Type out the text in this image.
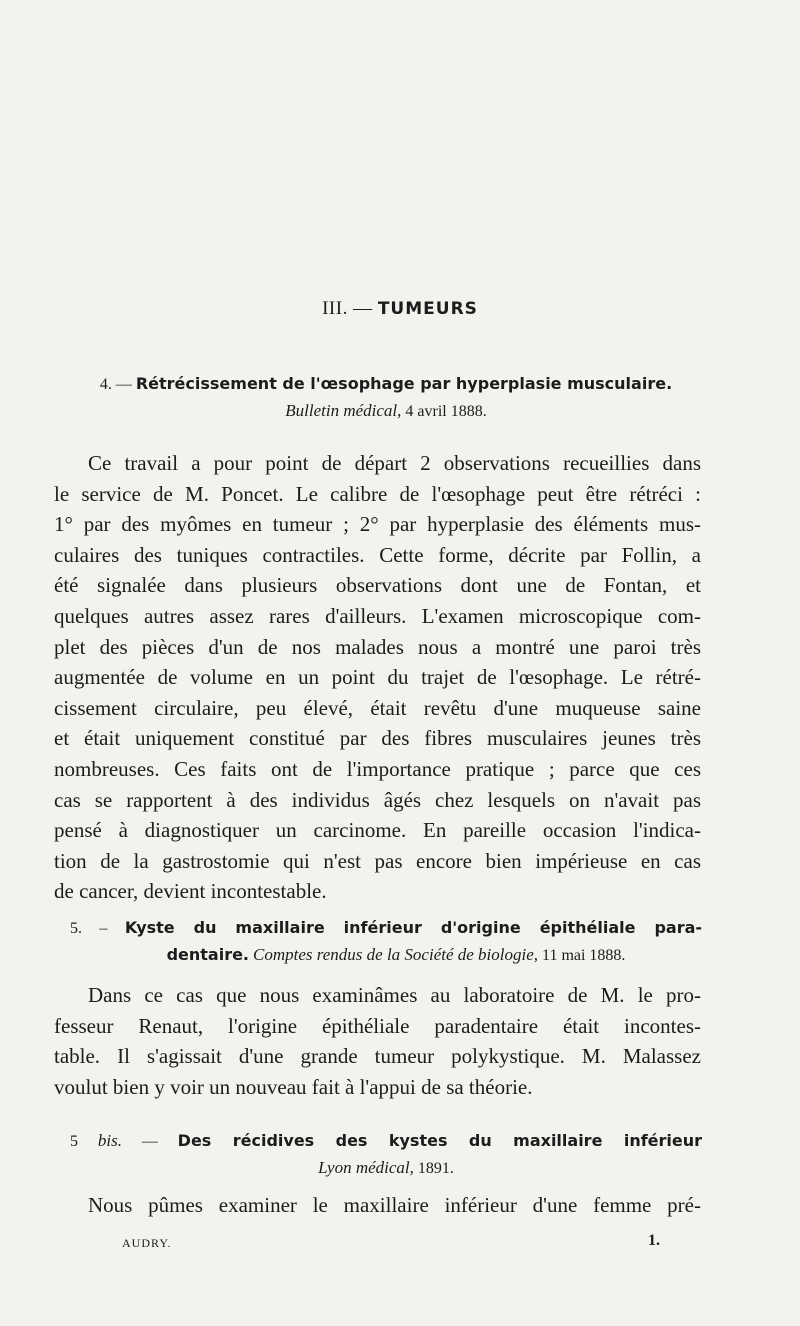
III. — TUMEURS
4. — Rétrécissement de l'œsophage par hyperplasie musculaire.
Bulletin médical, 4 avril 1888.
Ce travail a pour point de départ 2 observations recueillies dans
le service de M. Poncet. Le calibre de l'œsophage peut être rétréci :
1° par des myômes en tumeur ; 2° par hyperplasie des éléments mus-
culaires des tuniques contractiles. Cette forme, décrite par Follin, a
été signalée dans plusieurs observations dont une de Fontan, et
quelques autres assez rares d'ailleurs. L'examen microscopique com-
plet des pièces d'un de nos malades nous a montré une paroi très
augmentée de volume en un point du trajet de l'œsophage. Le rétré-
cissement circulaire, peu élevé, était revêtu d'une muqueuse saine
et était uniquement constitué par des fibres musculaires jeunes très
nombreuses. Ces faits ont de l'importance pratique ; parce que ces
cas se rapportent à des individus âgés chez lesquels on n'avait pas
pensé à diagnostiquer un carcinome. En pareille occasion l'indica-
tion de la gastrostomie qui n'est pas encore bien impérieuse en cas
de cancer, devient incontestable.
5. – Kyste du maxillaire inférieur d'origine épithéliale para-
dentaire. Comptes rendus de la Société de biologie, 11 mai 1888.
Dans ce cas que nous examinâmes au laboratoire de M. le pro-
fesseur Renaut, l'origine épithéliale paradentaire était incontes-
table. Il s'agissait d'une grande tumeur polykystique. M. Malassez
voulut bien y voir un nouveau fait à l'appui de sa théorie.
5 bis. — Des récidives des kystes du maxillaire inférieur
Lyon médical, 1891.
Nous pûmes examiner le maxillaire inférieur d'une femme pré-
AUDRY.	1.
